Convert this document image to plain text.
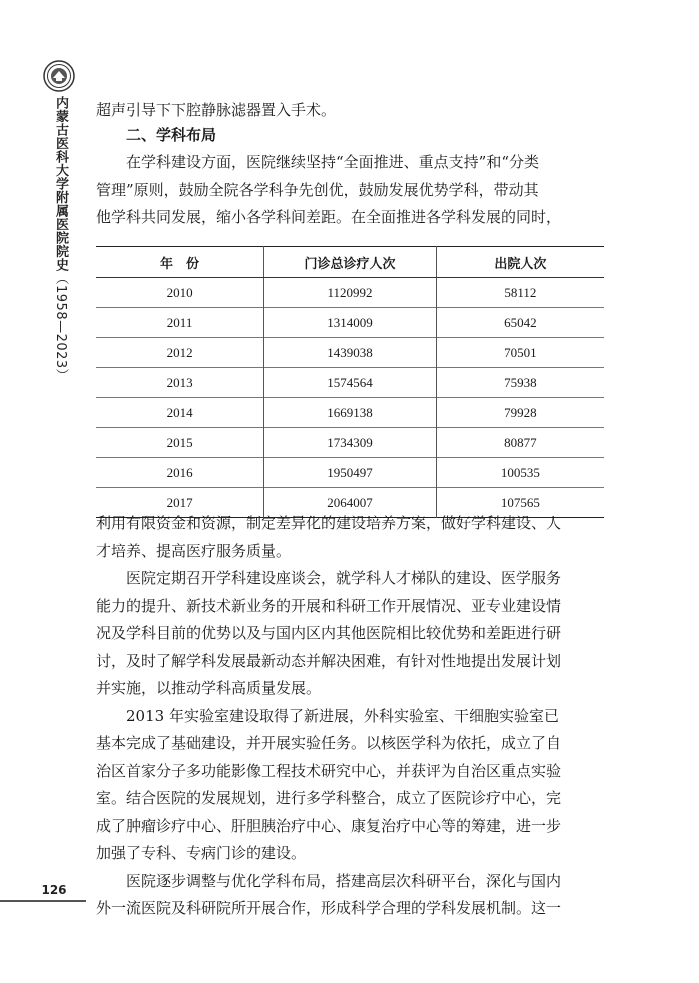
内蒙古医科大学附属医院院史（1958—2023）
126

超声引导下下腔静脉滤器置入手术。

二、学科布局

　　在学科建设方面，医院继续坚持“全面推进、重点支持”和“分类

管理”原则，鼓励全院各学科争先创优，鼓励发展优势学科，带动其

他学科共同发展，缩小各学科间差距。在全面推进各学科发展的同时，

年　份	门诊总诊疗人次	出院人次
2010	1120992	58112
2011	1314009	65042
2012	1439038	70501
2013	1574564	75938
2014	1669138	79928
2015	1734309	80877
2016	1950497	100535
2017	2064007	107565

利用有限资金和资源，制定差异化的建设培养方案，做好学科建设、人

才培养、提高医疗服务质量。

　　医院定期召开学科建设座谈会，就学科人才梯队的建设、医学服务

能力的提升、新技术新业务的开展和科研工作开展情况、亚专业建设情

况及学科目前的优势以及与国内区内其他医院相比较优势和差距进行研

讨，及时了解学科发展最新动态并解决困难，有针对性地提出发展计划

并实施，以推动学科高质量发展。

　　2013 年实验室建设取得了新进展，外科实验室、干细胞实验室已

基本完成了基础建设，并开展实验任务。以核医学科为依托，成立了自

治区首家分子多功能影像工程技术研究中心，并获评为自治区重点实验

室。结合医院的发展规划，进行多学科整合，成立了医院诊疗中心，完

成了肿瘤诊疗中心、肝胆胰治疗中心、康复治疗中心等的筹建，进一步

加强了专科、专病门诊的建设。

　　医院逐步调整与优化学科布局，搭建高层次科研平台，深化与国内

外一流医院及科研院所开展合作，形成科学合理的学科发展机制。这一
